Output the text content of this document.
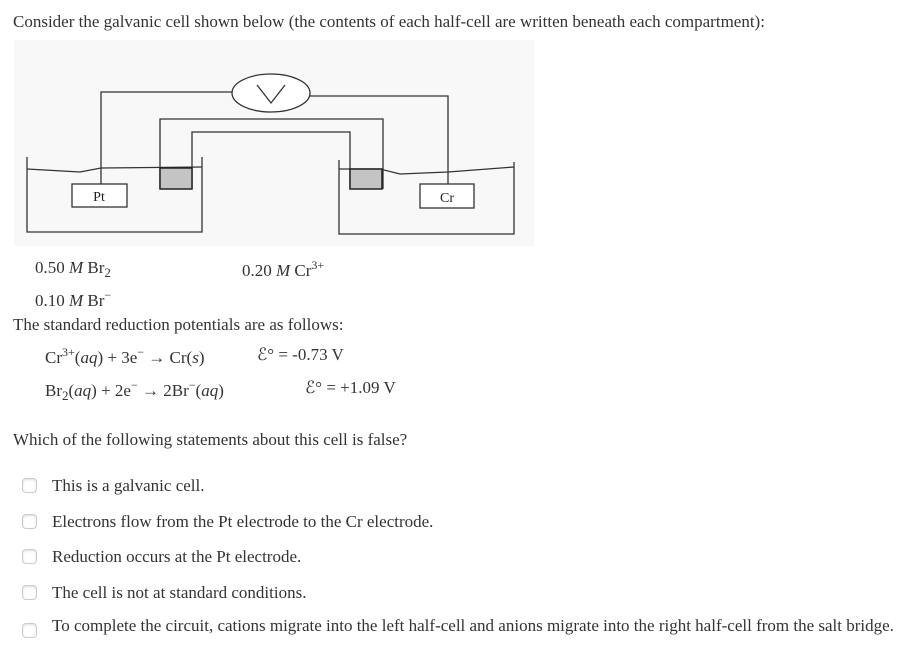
Consider the galvanic cell shown below (the contents of each half-cell are written beneath each compartment):
Pt	Cr
0.50 M $Br_2$	0.20 M $Cr^{3+}$
0.10 M Br−
The standard reduction potentials are as follows:
$Cr^{3+}(aq) + 3e^- \to Cr(s)$	ℰ° = -0.73 V
$Br_2(aq) + 2e^- \to 2Br^-(aq)$	ℰ° = +1.09 V
Which of the following statements about this cell is false?
This is a galvanic cell.
Electrons flow from the Pt electrode to the Cr electrode.
Reduction occurs at the Pt electrode.
The cell is not at standard conditions.
To complete the circuit, cations migrate into the left half-cell and anions migrate into the right half-cell from the salt bridge.
